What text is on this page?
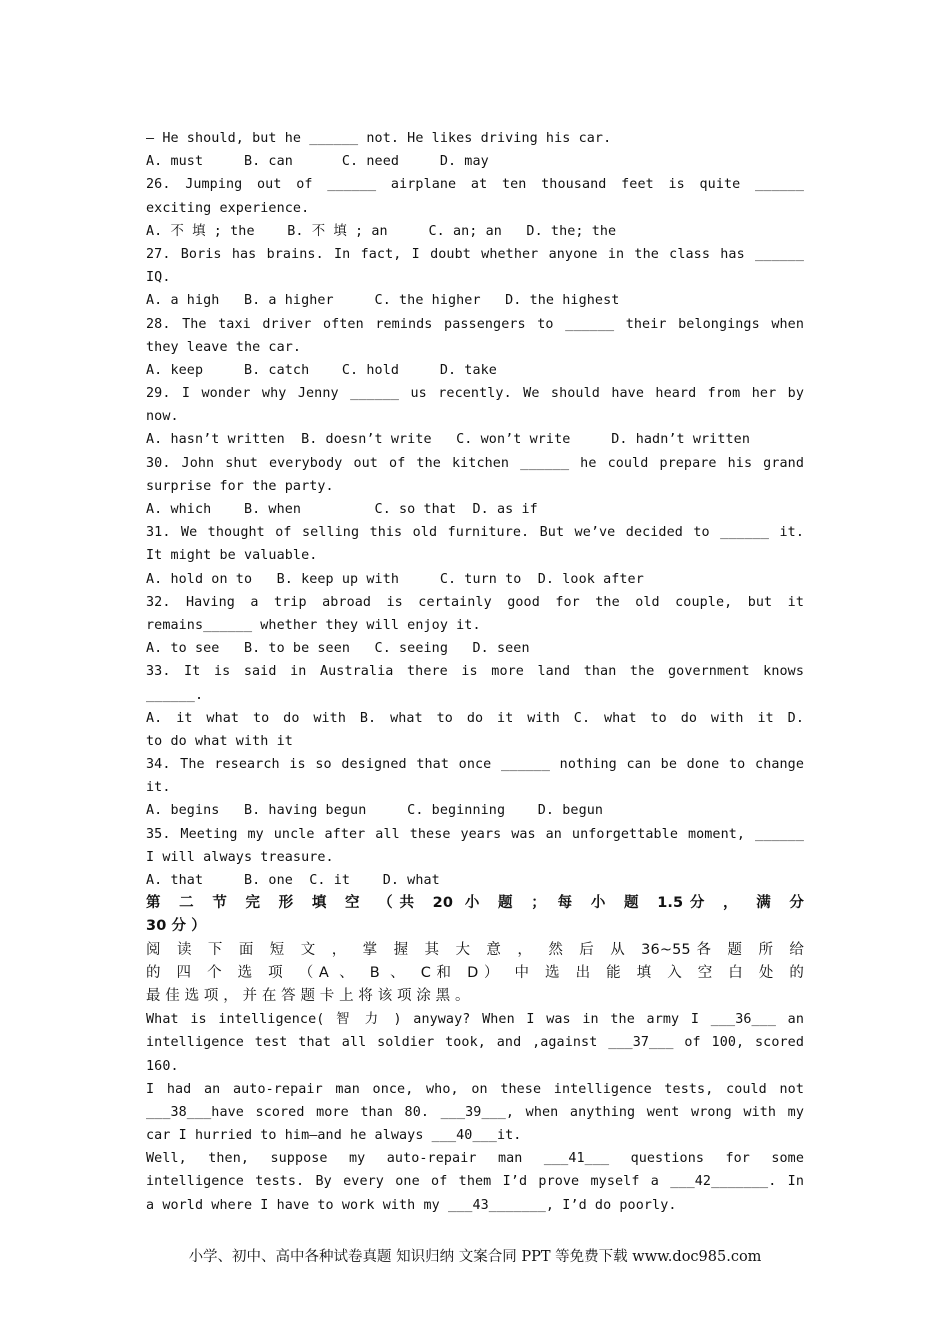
— He should, but he ______ not. He likes driving his car.
A. must     B. can      C. need     D. may
26. Jumping out of ______ airplane at ten thousand feet is quite ______
exciting experience.
A. 不 填 ; the    B. 不 填 ; an     C. an; an   D. the; the
27. Boris has brains. In fact, I doubt whether anyone in the class has ______
IQ.
A. a high   B. a higher     C. the higher   D. the highest
28. The taxi driver often reminds passengers to ______ their belongings when
they leave the car.
A. keep     B. catch    C. hold     D. take
29. I wonder why Jenny ______ us recently. We should have heard from her by
now.
A. hasn’t written  B. doesn’t write   C. won’t write     D. hadn’t written
30. John shut everybody out of the kitchen ______ he could prepare his grand
surprise for the party.
A. which    B. when         C. so that  D. as if
31. We thought of selling this old furniture. But we’ve decided to ______ it.
It might be valuable.
A. hold on to   B. keep up with     C. turn to  D. look after
32. Having a trip abroad is certainly good for the old couple, but it
remains______ whether they will enjoy it.
A. to see   B. to be seen   C. seeing   D. seen
33. It is said in Australia there is more land than the government knows
______.
A. it what to do with B. what to do it with C. what to do with it D.
to do what with it
34. The research is so designed that once ______ nothing can be done to change
it.
A. begins   B. having begun     C. beginning    D. begun
35. Meeting my uncle after all these years was an unforgettable moment, ______
I will always treasure.
A. that     B. one  C. it    D. what
第 二 节 完 形 填 空 （共 20 小 题 ； 每 小 题 1.5分 ， 满 分
30 分 ）
阅 读 下 面 短 文 ， 掌 握 其 大 意 ， 然 后 从 36~55各 题 所 给
的 四 个 选 项 （A 、 B 、 C和 D） 中 选 出 能 填 入 空 白 处 的
最 佳 选 项 ， 并 在 答 题 卡 上 将 该 项 涂 黑 。
What is intelligence( 智 力 ) anyway? When I was in the army I ___36___ an
intelligence test that all soldier took, and ,against ___37___ of 100, scored
160.
I had an auto-repair man once, who, on these intelligence tests, could not
___38___have scored more than 80. ___39___, when anything went wrong with my
car I hurried to him—and he always ___40___it.
Well, then, suppose my auto-repair man ___41___ questions for some
intelligence tests. By every one of them I’d prove myself a ___42_______. In
a world where I have to work with my ___43_______, I’d do poorly.
小学、初中、高中各种试卷真题 知识归纳 文案合同 PPT 等免费下载 www.doc985.com
